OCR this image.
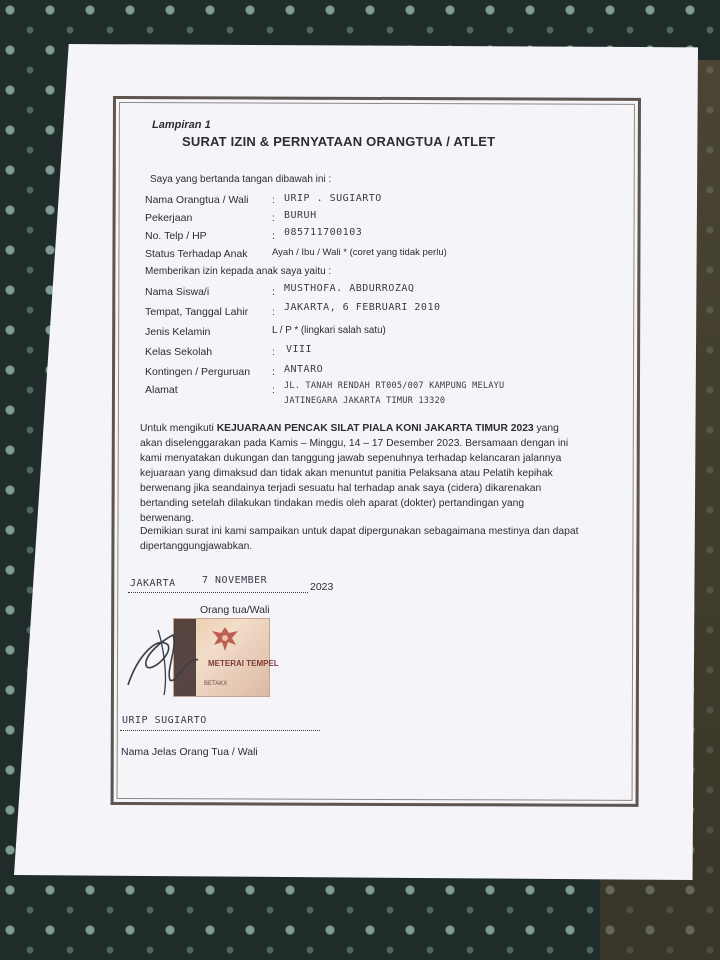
Lampiran 1
SURAT IZIN & PERNYATAAN ORANGTUA / ATLET
Saya yang bertanda tangan dibawah ini :
Nama Orangtua / Wali : URIP . SUGIARTO
Pekerjaan	: BURUH
No. Telp / HP	: 085711700103
Status Terhadap Anak	Ayah / Ibu / Wali * (coret yang tidak perlu)
Memberikan izin kepada anak saya yaitu :
Nama Siswa/i	: MUSTHOFA. ABDURROZAQ
Tempat, Tanggal Lahir : JAKARTA, 6 FEBRUARI 2010
Jenis Kelamin	L / P * (lingkari salah satu)
Kelas Sekolah	: VIII
Kontingen / Perguruan : ANTARO
Alamat	: JL. TANAH RENDAH RT005/007 KAMPUNG MELAYU
JATINEGARA JAKARTA TIMUR 13320
Untuk mengikuti KEJUARAAN PENCAK SILAT PIALA KONI JAKARTA TIMUR 2023 yang akan diselenggarakan pada Kamis – Minggu, 14 – 17 Desember 2023. Bersamaan dengan ini kami menyatakan dukungan dan tanggung jawab sepenuhnya terhadap kelancaran jalannya kejuaraan yang dimaksud dan tidak akan menuntut panitia Pelaksana atau Pelatih kepihak berwenang jika seandainya terjadi sesuatu hal terhadap anak saya (cidera) dikarenakan bertanding setelah dilakukan tindakan medis oleh aparat (dokter) pertandingan yang berwenang.
Demikian surat ini kami sampaikan untuk dapat dipergunakan sebagaimana mestinya dan dapat dipertanggungjawabkan.
JAKARTA	7 NOVEMBER
2023
Orang tua/Wali
METERAI TEMPEL
BETAKX
URIP SUGIARTO
Nama Jelas Orang Tua / Wali
